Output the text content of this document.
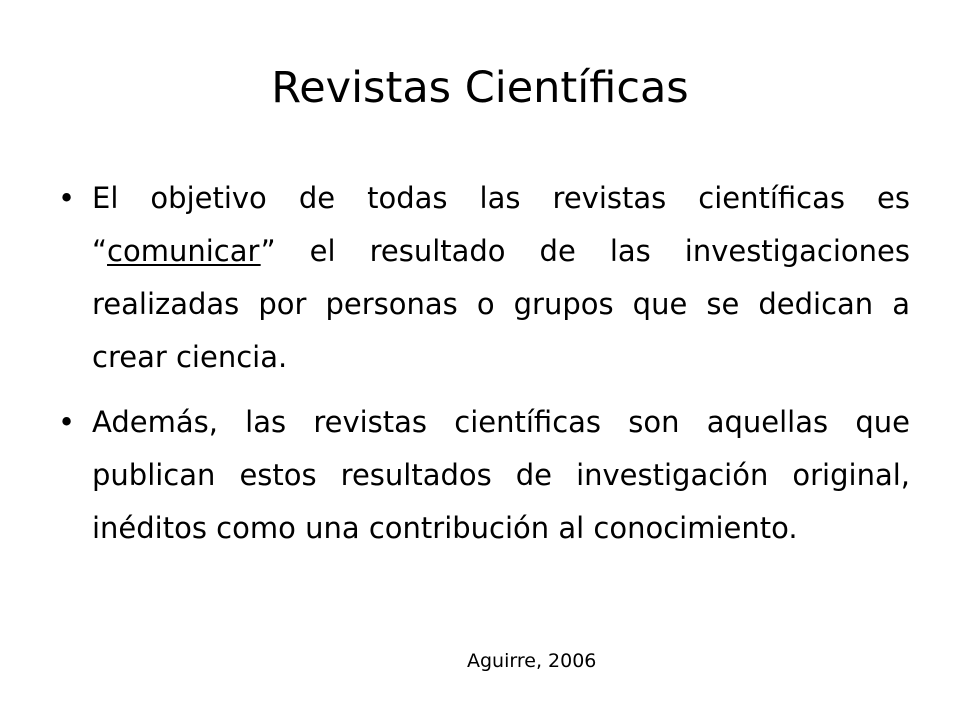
Revistas Científicas
• El objetivo de todas las revistas científicas es “comunicar” el resultado de las investigaciones realizadas por personas o grupos que se dedican a crear ciencia.
• Además, las revistas científicas son aquellas que publican estos resultados de investigación original, inéditos como una contribución al conocimiento.

Aguirre, 2006
